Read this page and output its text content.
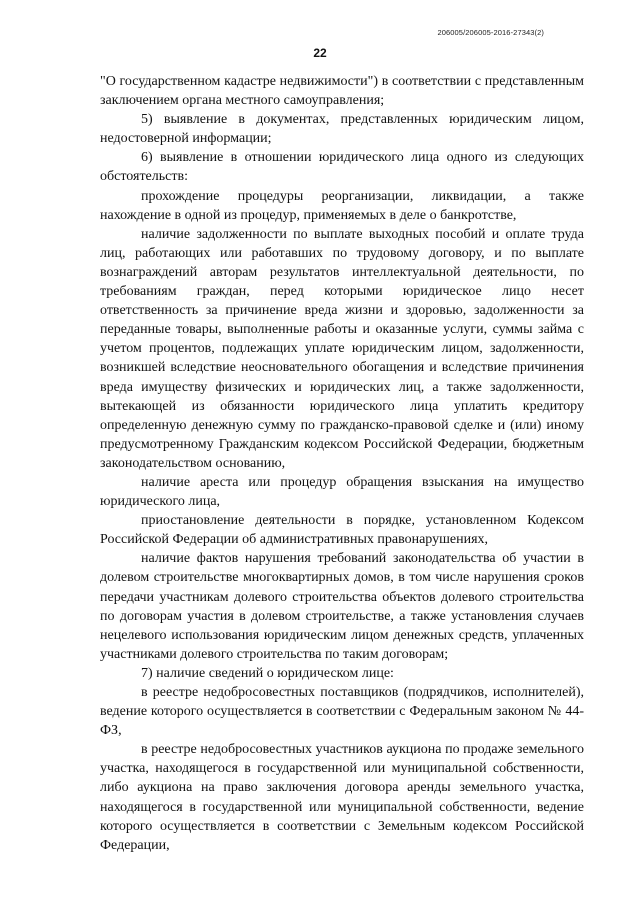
206005/206005-2016-27343(2)
22

"О государственном кадастре недвижимости") в соответствии с представленным заключением органа местного самоуправления;

5) выявление в документах, представленных юридическим лицом, недостоверной информации;

6) выявление в отношении юридического лица одного из следующих обстоятельств:

прохождение процедуры реорганизации, ликвидации, а также нахождение в одной из процедур, применяемых в деле о банкротстве,

наличие задолженности по выплате выходных пособий и оплате труда лиц, работающих или работавших по трудовому договору, и по выплате вознаграждений авторам результатов интеллектуальной деятельности, по требованиям граждан, перед которыми юридическое лицо несет ответственность за причинение вреда жизни и здоровью, задолженности за переданные товары, выполненные работы и оказанные услуги, суммы займа с учетом процентов, подлежащих уплате юридическим лицом, задолженности, возникшей вследствие неосновательного обогащения и вследствие причинения вреда имуществу физических и юридических лиц, а также задолженности, вытекающей из обязанности юридического лица уплатить кредитору определенную денежную сумму по гражданско-правовой сделке и (или) иному предусмотренному Гражданским кодексом Российской Федерации, бюджетным законодательством основанию,

наличие ареста или процедур обращения взыскания на имущество юридического лица,

приостановление деятельности в порядке, установленном Кодексом Российской Федерации об административных правонарушениях,

наличие фактов нарушения требований законодательства об участии в долевом строительстве многоквартирных домов, в том числе нарушения сроков передачи участникам долевого строительства объектов долевого строительства по договорам участия в долевом строительстве, а также установления случаев нецелевого использования юридическим лицом денежных средств, уплаченных участниками долевого строительства по таким договорам;

7) наличие сведений о юридическом лице:

в реестре недобросовестных поставщиков (подрядчиков, исполнителей), ведение которого осуществляется в соответствии с Федеральным законом № 44-ФЗ,

в реестре недобросовестных участников аукциона по продаже земельного участка, находящегося в государственной или муниципальной собственности, либо аукциона на право заключения договора аренды земельного участка, находящегося в государственной или муниципальной собственности, ведение которого осуществляется в соответствии с Земельным кодексом Российской Федерации,
